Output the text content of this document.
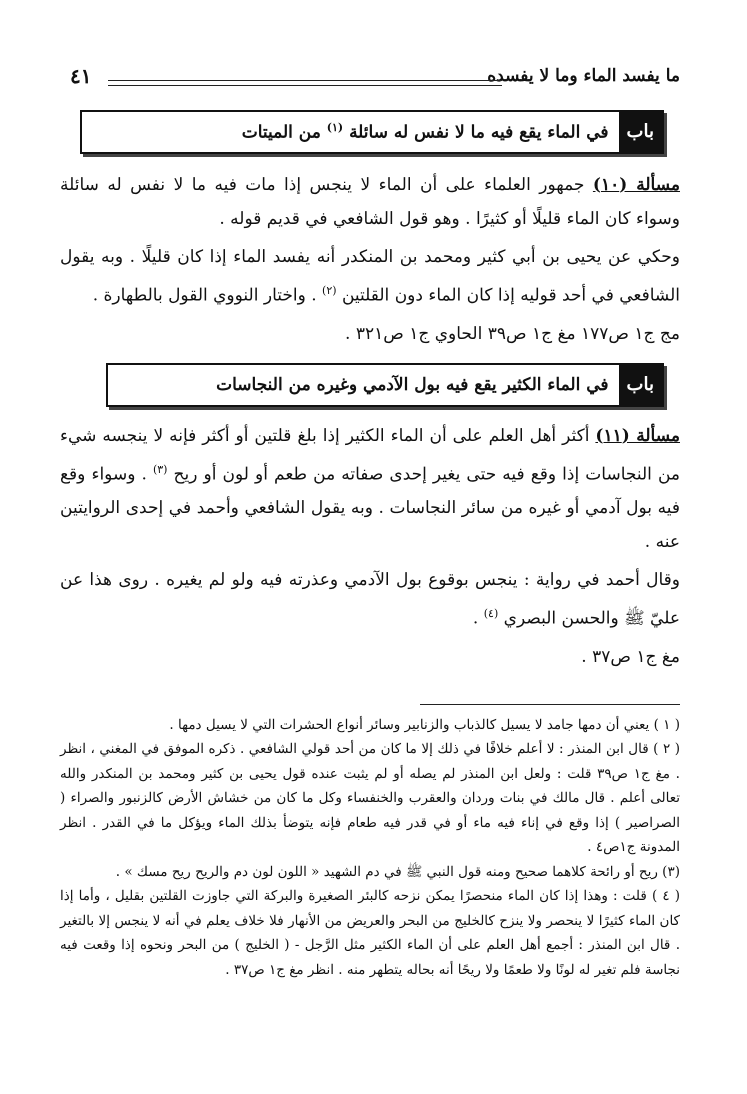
ما يفسد الماء وما لا يفسده
٤١
باب
في الماء يقع فيه ما لا نفس له سائلة $^{(١)}$ من الميتات

مسألة (١٠) جمهور العلماء على أن الماء لا ينجس إذا مات فيه ما لا نفس له سائلة وسواء كان الماء قليلًا أو كثيرًا . وهو قول الشافعي في قديم قوله .

وحكي عن يحيى بن أبي كثير ومحمد بن المنكدر أنه يفسد الماء إذا كان قليلًا . وبه يقول الشافعي في أحد قوليه إذا كان الماء دون القلتين $^{(٢)}$ . واختار النووي القول بالطهارة .

مج ج١ ص١٧٧ مغ ج١ ص٣٩ الحاوي ج١ ص٣٢١ .

باب
في الماء الكثير يقع فيه بول الآدمي وغيره من النجاسات

مسألة (١١) أكثر أهل العلم على أن الماء الكثير إذا بلغ قلتين أو أكثر فإنه لا ينجسه شيء من النجاسات إذا وقع فيه حتى يغير إحدى صفاته من طعم أو لون أو ريح $^{(٣)}$ . وسواء وقع فيه بول آدمي أو غيره من سائر النجاسات . وبه يقول الشافعي وأحمد في إحدى الروايتين عنه .

وقال أحمد في رواية : ينجس بوقوع بول الآدمي وعذرته فيه ولو لم يغيره . روى هذا عن عليّ ﷺ والحسن البصري $^{(٤)}$ .

مغ ج١ ص٣٧ .

( ١ ) يعني أن دمها جامد لا يسيل كالذباب والزنابير وسائر أنواع الحشرات التي لا يسيل دمها .

( ٢ ) قال ابن المنذر : لا أعلم خلافًا في ذلك إلا ما كان من أحد قولي الشافعي . ذكره الموفق في المغني ، انظر . مغ ج١ ص٣٩ قلت : ولعل ابن المنذر لم يصله أو لم يثبت عنده قول يحيى بن كثير ومحمد بن المنكدر والله تعالى أعلم . قال مالك في بنات وردان والعقرب والخنفساء وكل ما كان من خشاش الأرض كالزنبور والصراء ( الصراصير ) إذا وقع في إناء فيه ماء أو في قدر فيه طعام فإنه يتوضأ بذلك الماء ويؤكل ما في القدر . انظر المدونة ج١ص٤ .

(٣) ريح أو رائحة كلاهما صحيح ومنه قول النبي ﷺ في دم الشهيد « اللون لون دم والريح ريح مسك » .

( ٤ ) قلت : وهذا إذا كان الماء منحصرًا يمكن نزحه كالبئر الصغيرة والبركة التي جاوزت القلتين بقليل ، وأما إذا كان الماء كثيرًا لا ينحصر ولا ينزح كالخليج من البحر والعريض من الأنهار فلا خلاف يعلم في أنه لا ينجس إلا بالتغير . قال ابن المنذر : أجمع أهل العلم على أن الماء الكثير مثل الرَّجل - ( الخليج ) من البحر ونحوه إذا وقعت فيه نجاسة فلم تغير له لونًا ولا طعمًا ولا ريحًا أنه بحاله يتطهر منه . انظر مغ ج١ ص٣٧ .
